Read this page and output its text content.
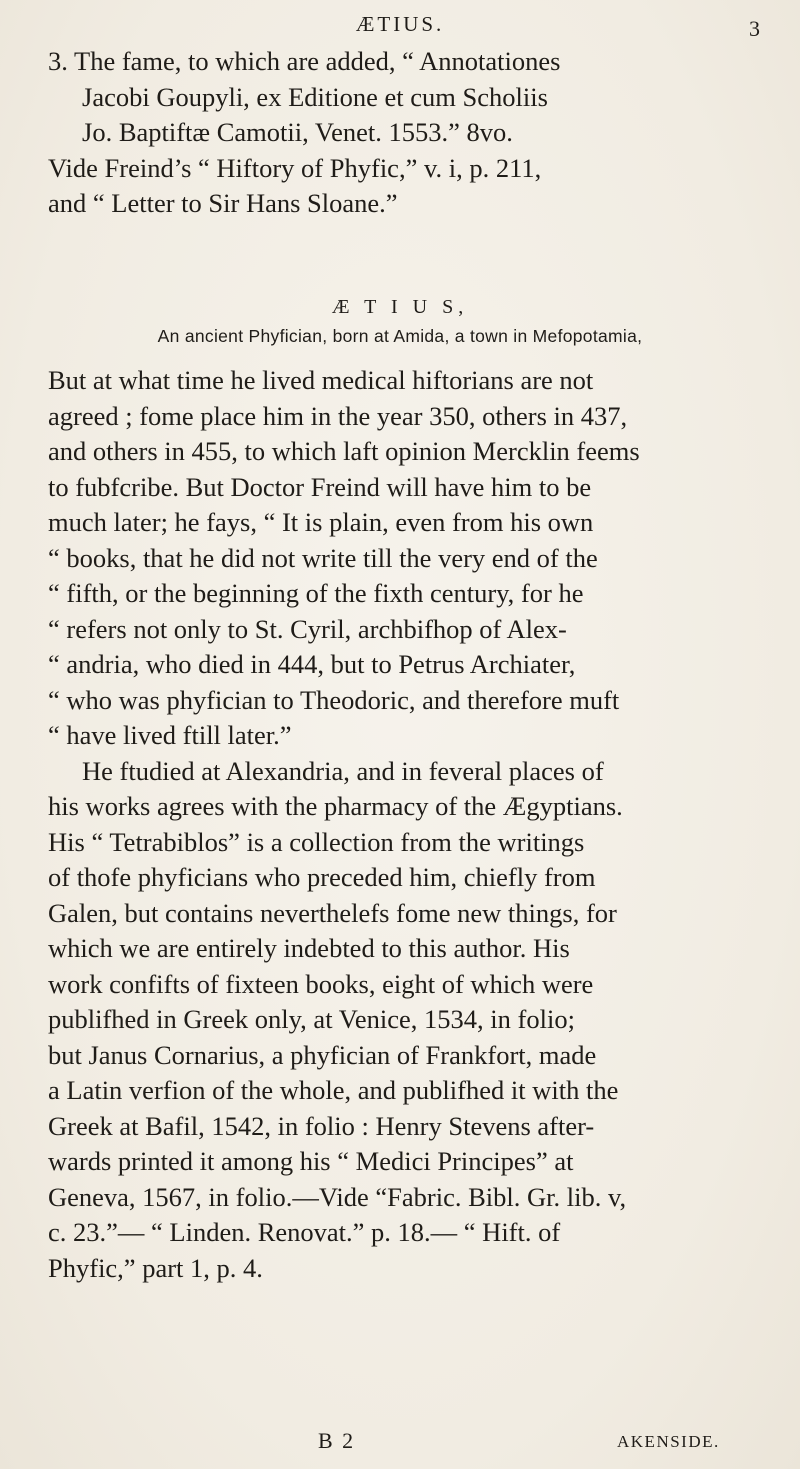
ÆTIUS.	3
3. The fame, to which are added, “ Annotationes
Jacobi Goupyli, ex Editione et cum Scholiis
Jo. Baptiftæ Camotii, Venet. 1553.” 8vo.
Vide Freind’s “ Hiftory of Phyfic,” v. i, p. 211,
and “ Letter to Sir Hans Sloane.”
Æ T I U S,
An ancient Phyfician, born at Amida, a town in Mefopotamia,
But at what time he lived medical hiftorians are not
agreed ; fome place him in the year 350, others in 437,
and others in 455, to which laft opinion Mercklin feems
to fubfcribe. But Doctor Freind will have him to be
much later; he fays, “ It is plain, even from his own
“ books, that he did not write till the very end of the
“ fifth, or the beginning of the fixth century, for he
“ refers not only to St. Cyril, archbifhop of Alex-
“ andria, who died in 444, but to Petrus Archiater,
“ who was phyfician to Theodoric, and therefore muft
“ have lived ftill later.”
He ftudied at Alexandria, and in feveral places of
his works agrees with the pharmacy of the Ægyptians.
His “ Tetrabiblos” is a collection from the writings
of thofe phyficians who preceded him, chiefly from
Galen, but contains neverthelefs fome new things, for
which we are entirely indebted to this author. His
work confifts of fixteen books, eight of which were
publifhed in Greek only, at Venice, 1534, in folio;
but Janus Cornarius, a phyfician of Frankfort, made
a Latin verfion of the whole, and publifhed it with the
Greek at Bafil, 1542, in folio : Henry Stevens after-
wards printed it among his “ Medici Principes” at
Geneva, 1567, in folio.—Vide “Fabric. Bibl. Gr. lib. v,
c. 23.”— “ Linden. Renovat.” p. 18.— “ Hift. of
Phyfic,” part 1, p. 4.
B 2	AKENSIDE.
